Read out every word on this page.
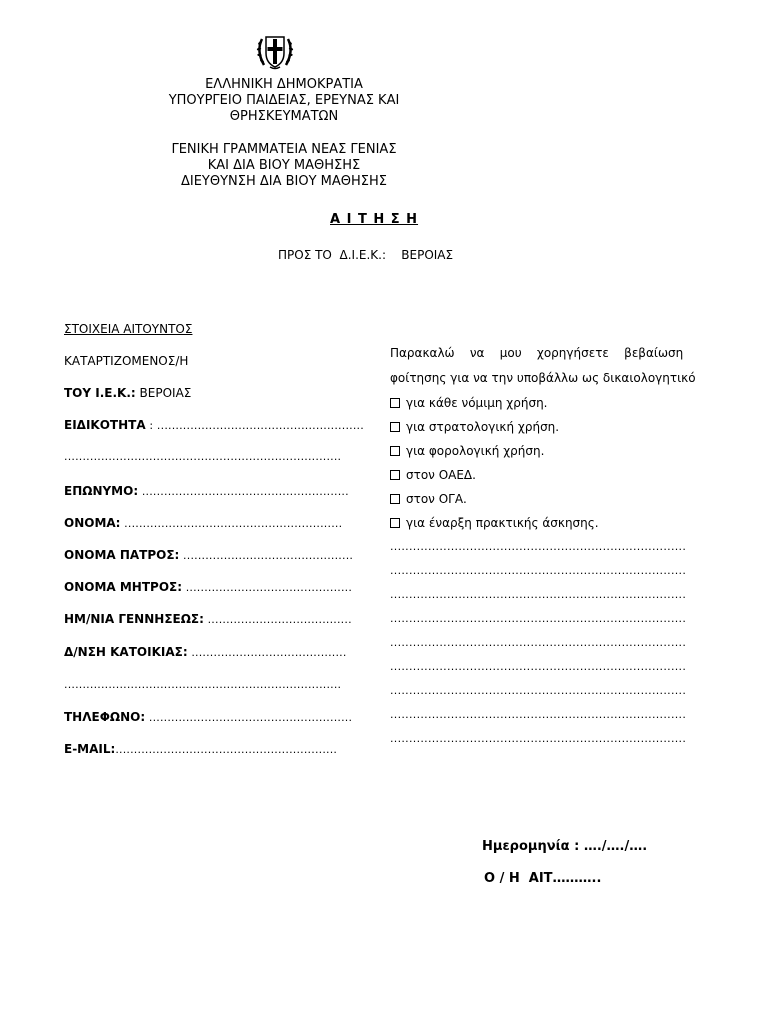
ΕΛΛΗΝΙΚΗ ΔΗΜΟΚΡΑΤΙΑ
ΥΠΟΥΡΓΕΙΟ ΠΑΙΔΕΙΑΣ, ΕΡΕΥΝΑΣ ΚΑΙ
ΘΡΗΣΚΕΥΜΑΤΩΝ
ΓΕΝΙΚΗ ΓΡΑΜΜΑΤΕΙΑ ΝΕΑΣ ΓΕΝΙΑΣ
ΚΑΙ ΔΙΑ ΒΙΟΥ ΜΑΘΗΣΗΣ
ΔΙΕΥΘΥΝΣΗ ΔΙΑ ΒΙΟΥ ΜΑΘΗΣΗΣ
Α Ι Τ Η Σ Η
ΠΡΟΣ ΤΟ  Δ.Ι.Ε.Κ.:    ΒΕΡΟΙΑΣ
ΣΤΟΙΧΕΙΑ ΑΙΤΟΥΝΤΟΣ
ΚΑΤΑΡΤΙΖΟΜΕΝΟΣ/Η
ΤΟΥ Ι.Ε.Κ.: ΒΕΡΟΙΑΣ
ΕΙΔΙΚΟΤΗΤΑ : ........................................................
...........................................................................
ΕΠΩΝΥΜΟ: ........................................................
ΟΝΟΜΑ: ...........................................................
ΟΝΟΜΑ ΠΑΤΡΟΣ: ..............................................
ΟΝΟΜΑ ΜΗΤΡΟΣ: .............................................
ΗΜ/ΝΙΑ ΓΕΝΝΗΣΕΩΣ: .......................................
Δ/ΝΣΗ ΚΑΤΟΙΚΙΑΣ: ..........................................
...........................................................................
ΤΗΛΕΦΩΝΟ: .......................................................
E-MAIL:............................................................
Παρακαλώ    να    μου    χορηγήσετε    βεβαίωση
φοίτησης για να την υποβάλλω ως δικαιολογητικό
για κάθε νόμιμη χρήση.
για στρατολογική χρήση.
για φορολογική χρήση.
στον ΟΑΕΔ.
στον ΟΓΑ.
για έναρξη πρακτικής άσκησης.
..............................................................................
..............................................................................
..............................................................................
..............................................................................
..............................................................................
..............................................................................
..............................................................................
..............................................................................
..............................................................................
Ημερομηνία : …./…./….
Ο / Η  ΑΙΤ………..
